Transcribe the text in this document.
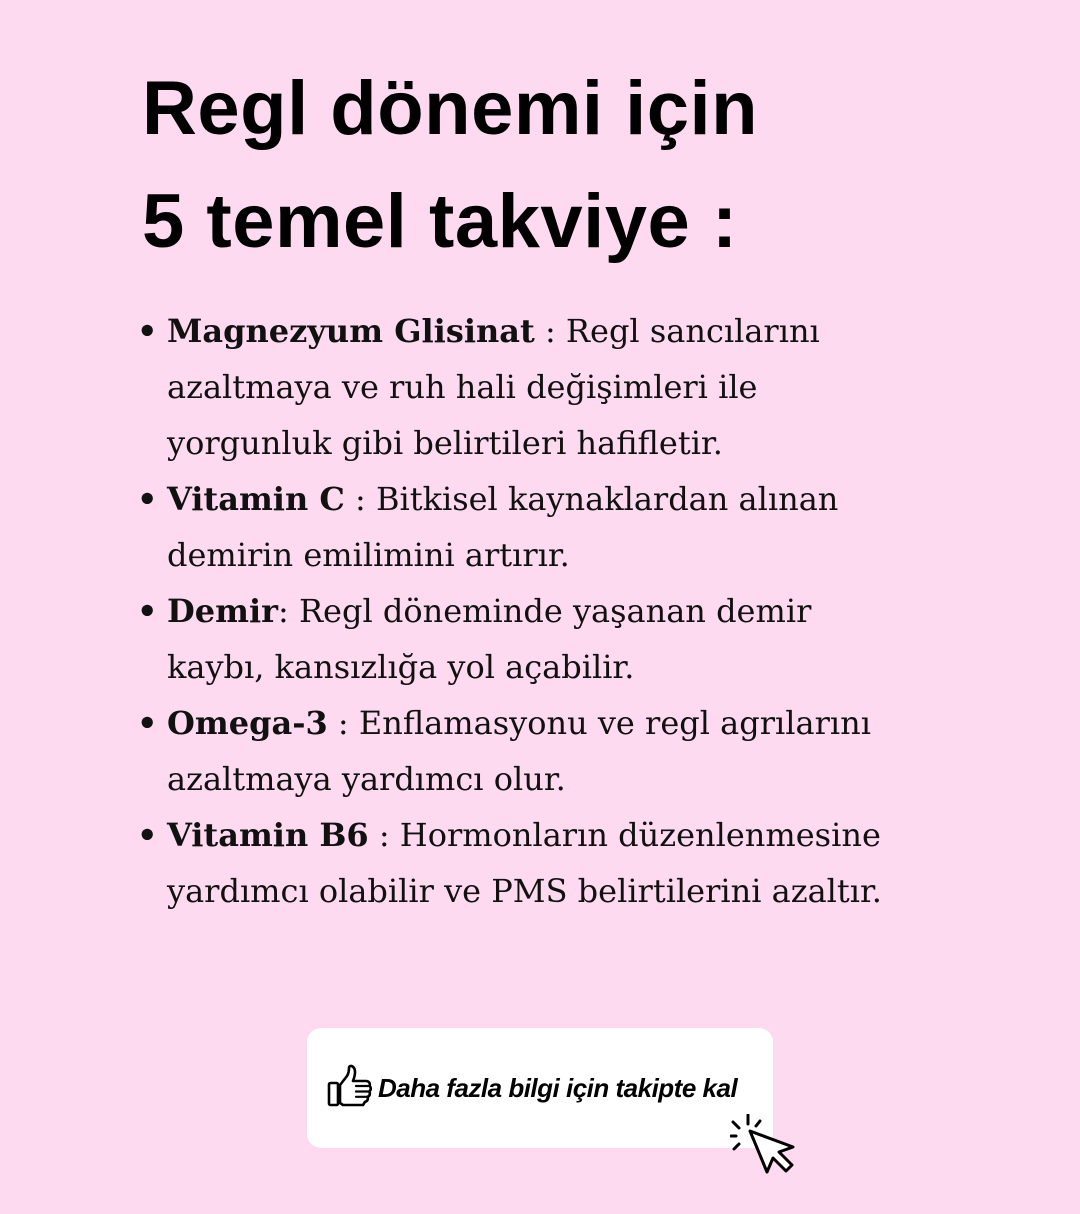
Regl dönemi için
5 temel takviye :
• Magnezyum Glisinat : Regl sancılarını azaltmaya ve ruh hali değişimleri ile yorgunluk gibi belirtileri hafifletir.
• Vitamin C : Bitkisel kaynaklardan alınan demirin emilimini artırır.
• Demir: Regl döneminde yaşanan demir kaybı, kansızlığa yol açabilir.
• Omega-3 : Enflamasyonu ve regl agrılarını azaltmaya yardımcı olur.
• Vitamin B6 : Hormonların düzenlenmesine yardımcı olabilir ve PMS belirtilerini azaltır.
Daha fazla bilgi için takipte kal
